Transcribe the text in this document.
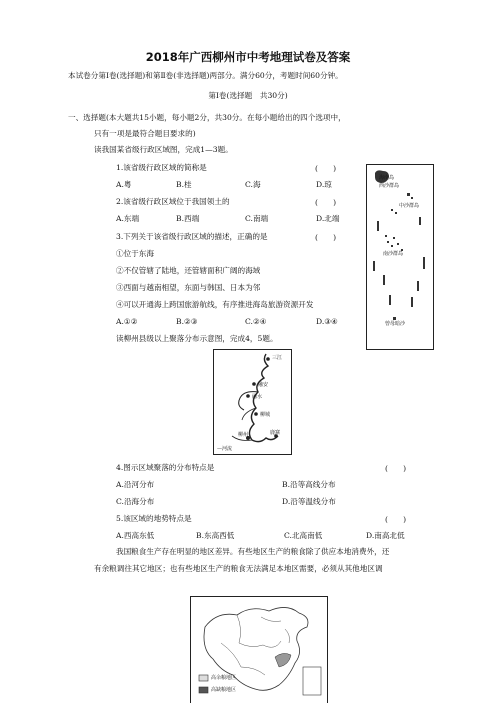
2018年广西柳州市中考地理试卷及答案
本试卷分第Ⅰ卷(选择题)和第Ⅱ卷(非选择题)两部分。满分60分，考题时间60分钟。
第Ⅰ卷(选择题　共30分)
一、选择题(本大题共15小题，每小题2分，共30分。在每小题给出的四个选项中，
只有一项是最符合题目要求的)
读我国某省级行政区域图，完成1—3题。
1.该省级行政区域的简称是	(　　)
A.粤	B.桂	C.海	D.琼
2.该省级行政区域位于我国领土的	(　　)
A.东端	B.西端	C.南端	D.北端
3.下列关于该省级行政区域的描述，正确的是	(　　)
①位于东海
②不仅管辖了陆地，还管辖面积广阔的海域
③西面与越南相望，东面与韩国、日本为邻
④可以开通海上跨国旅游航线，有序推进海岛旅游资源开发
A.①②	B.②③	C.②④	D.③④
读柳州县级以上聚落分布示意图，完成4，5题。
海南岛
西沙群岛
中沙群岛
南沙群岛
曾母暗沙
三江
融安
融水
柳城
柳州	鹿寨
—河流
4.图示区域聚落的分布特点是	(　　)
A.沿河分布	B.沿等高线分布
C.沿海分布	D.沿等温线分布
5.该区域的地势特点是	(　　)
A.西高东低	B.东高西低	C.北高南低	D.南高北低
我国粮食生产存在明显的地区差异。有些地区生产的粮食除了供应本地消费外，还
有余粮调往其它地区；也有些地区生产的粮食无法满足本地区需要，必须从其他地区调
高余粮地区
高缺粮地区
